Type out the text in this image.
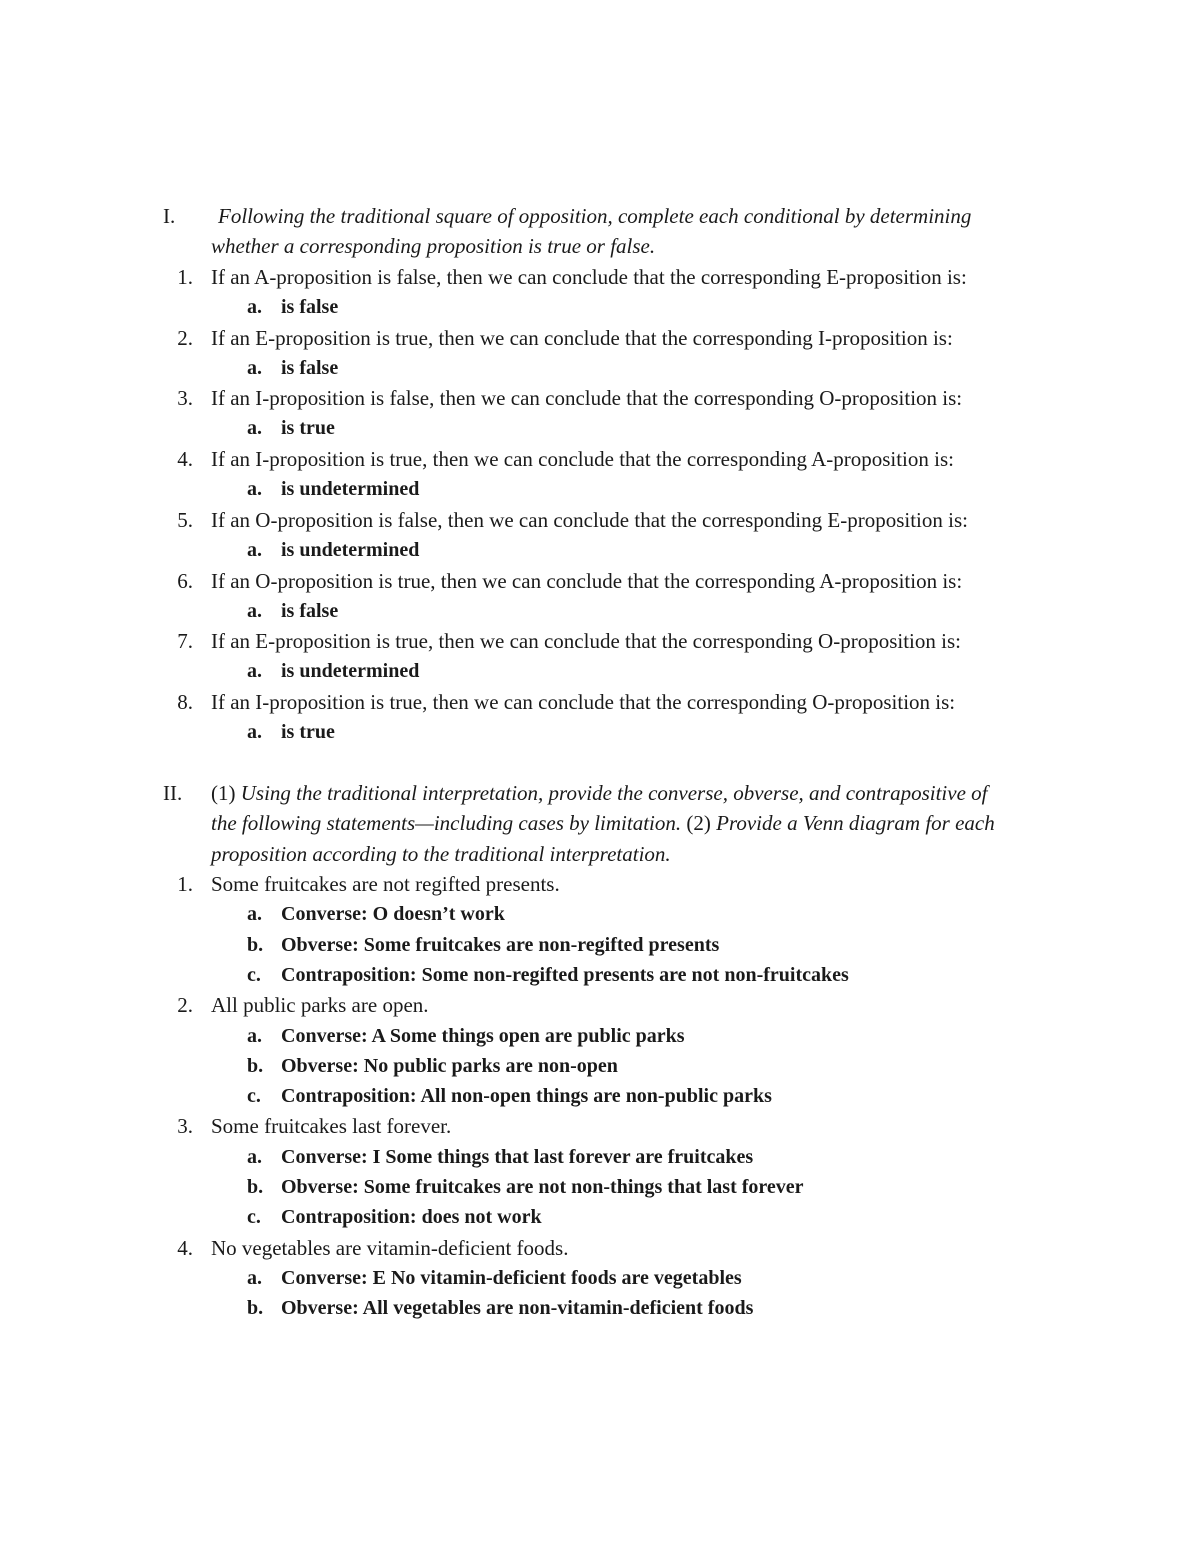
I. Following the traditional square of opposition, complete each conditional by determining
whether a corresponding proposition is true or false.
1. If an A-proposition is false, then we can conclude that the corresponding E-proposition is:
a. is false
2. If an E-proposition is true, then we can conclude that the corresponding I-proposition is:
a. is false
3. If an I-proposition is false, then we can conclude that the corresponding O-proposition is:
a. is true
4. If an I-proposition is true, then we can conclude that the corresponding A-proposition is:
a. is undetermined
5. If an O-proposition is false, then we can conclude that the corresponding E-proposition is:
a. is undetermined
6. If an O-proposition is true, then we can conclude that the corresponding A-proposition is:
a. is false
7. If an E-proposition is true, then we can conclude that the corresponding O-proposition is:
a. is undetermined
8. If an I-proposition is true, then we can conclude that the corresponding O-proposition is:
a. is true
II. (1) Using the traditional interpretation, provide the converse, obverse, and contrapositive of
the following statements—including cases by limitation. (2) Provide a Venn diagram for each
proposition according to the traditional interpretation.
1. Some fruitcakes are not regifted presents.
a. Converse: O doesn’t work
b. Obverse: Some fruitcakes are non-regifted presents
c. Contraposition: Some non-regifted presents are not non-fruitcakes
2. All public parks are open.
a. Converse: A Some things open are public parks
b. Obverse: No public parks are non-open
c. Contraposition: All non-open things are non-public parks
3. Some fruitcakes last forever.
a. Converse: I Some things that last forever are fruitcakes
b. Obverse: Some fruitcakes are not non-things that last forever
c. Contraposition: does not work
4. No vegetables are vitamin-deficient foods.
a. Converse: E No vitamin-deficient foods are vegetables
b. Obverse: All vegetables are non-vitamin-deficient foods
